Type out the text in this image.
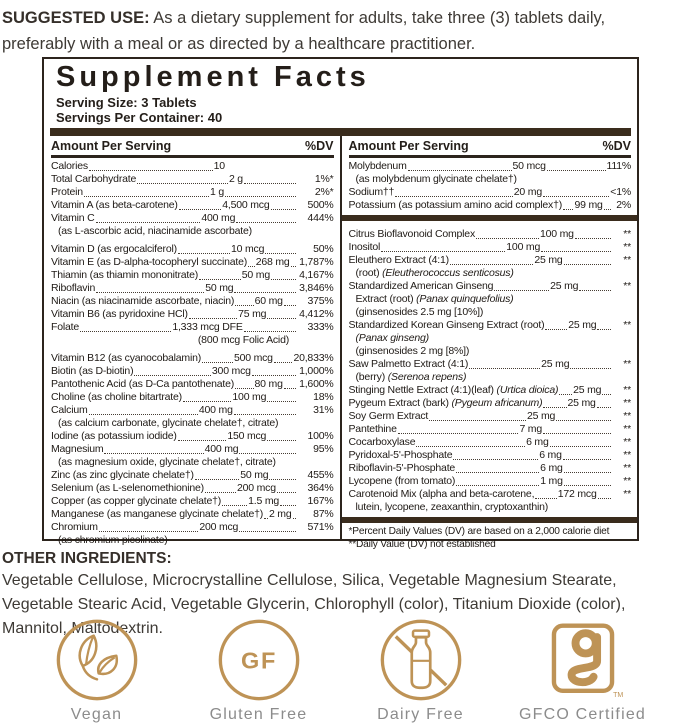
SUGGESTED USE: As a dietary supplement for adults, take three (3) tablets daily, preferably with a meal or as directed by a healthcare practitioner.
Supplement Facts
Serving Size: 3 Tablets
Servings Per Container: 40
Amount Per Serving	%DV
Calories	10
Total Carbohydrate	2 g	1%*
Protein	1 g	2%*
Vitamin A (as beta-carotene)	4,500 mcg	500%
Vitamin C	400 mg	444%
(as L-ascorbic acid, niacinamide ascorbate)
Vitamin D (as ergocalciferol)	10 mcg	50%
Vitamin E (as D-alpha-tocopheryl succinate) 268 mg 1,787%
Thiamin (as thiamin mononitrate)	50 mg	4,167%
Riboflavin	50 mg	3,846%
Niacin (as niacinamide ascorbate, niacin) 60 mg	375%
Vitamin B6 (as pyridoxine HCl)	75 mg	4,412%
Folate	1,333 mcg DFE	333%
(800 mcg Folic Acid)
Vitamin B12 (as cyanocobalamin)	500 mcg 20,833%
Biotin (as D-biotin)	300 mcg	1,000%
Pantothenic Acid (as D-Ca pantothenate) 80 mg 1,600%
Choline (as choline bitartrate)	100 mg	18%
Calcium	400 mg	31%
(as calcium carbonate, glycinate chelate†, citrate)
Iodine (as potassium iodide)	150 mcg	100%
Magnesium	400 mg	95%
(as magnesium oxide, glycinate chelate†, citrate)
Zinc (as zinc glycinate chelate†)	50 mg	455%
Selenium (as L-selenomethionine)	200 mcg	364%
Copper (as copper glycinate chelate†)	1.5 mg	167%
Manganese (as manganese glycinate chelate†) 2 mg	87%
Chromium	200 mcg	571%
(as chromium picolinate)
Amount Per Serving	%DV
Molybdenum	50 mcg	111%
(as molybdenum glycinate chelate†)
Sodium††	20 mg	<1%
Potassium (as potassium amino acid complex†) 99 mg	2%
Citrus Bioflavonoid Complex	100 mg	**
Inositol	100 mg	**
Eleuthero Extract (4:1)	25 mg	**
(root) (Eleutherococcus senticosus)
Standardized American Ginseng	25 mg	**
Extract (root) (Panax quinquefolius)
(ginsenosides 2.5 mg [10%])
Standardized Korean Ginseng Extract (root) 25 mg	**
(Panax ginseng)
(ginsenosides 2 mg [8%])
Saw Palmetto Extract (4:1)	25 mg	**
(berry) (Serenoa repens)
Stinging Nettle Extract (4:1)(leaf) (Urtica dioica) 25 mg	**
Pygeum Extract (bark) (Pygeum africanum) 25 mg	**
Soy Germ Extract	25 mg	**
Pantethine	7 mg	**
Cocarboxylase	6 mg	**
Pyridoxal-5'-Phosphate	6 mg	**
Riboflavin-5'-Phosphate	6 mg	**
Lycopene (from tomato)	1 mg	**
Carotenoid Mix (alpha and beta-carotene, 172 mcg	**
lutein, lycopene, zeaxanthin, cryptoxanthin)
*Percent Daily Values (DV) are based on a 2,000 calorie diet
**Daily Value (DV) not established
OTHER INGREDIENTS:
Vegetable Cellulose, Microcrystalline Cellulose, Silica, Vegetable Magnesium Stearate, Vegetable Stearic Acid, Vegetable Glycerin, Chlorophyll (color), Titanium Dioxide (color), Mannitol, Maltodextrin.
Vegan
GF
Gluten Free	Dairy Free
TM
GFCO Certified
